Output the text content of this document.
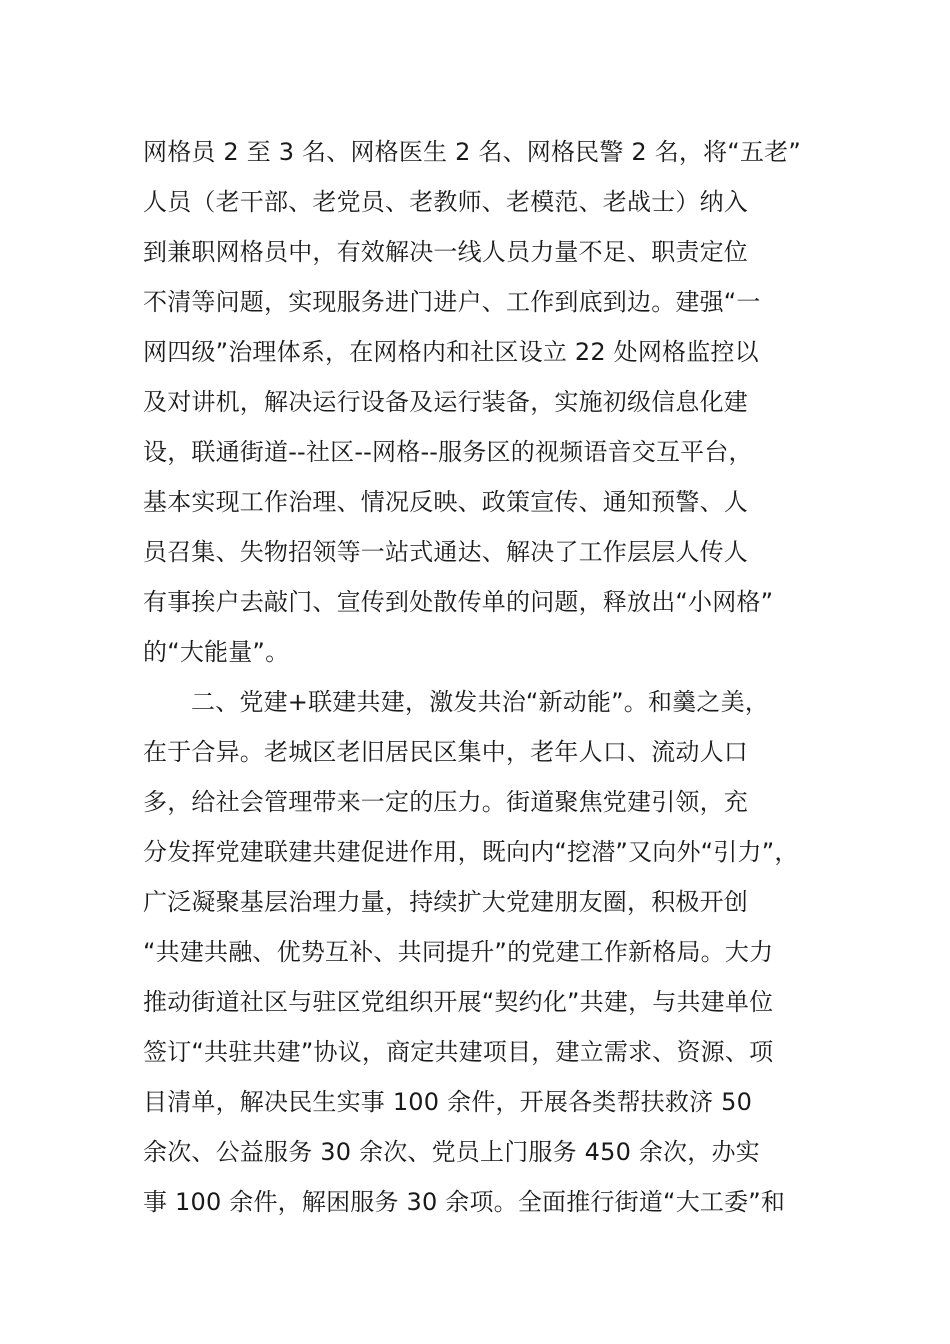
网格员 2 至 3 名、网格医生 2 名、网格民警 2 名，将“五老”
人员（老干部、老党员、老教师、老模范、老战士）纳入
到兼职网格员中，有效解决一线人员力量不足、职责定位
不清等问题，实现服务进门进户、工作到底到边。建强“一
网四级”治理体系，在网格内和社区设立 22 处网格监控以
及对讲机，解决运行设备及运行装备，实施初级信息化建
设，联通街道--社区--网格--服务区的视频语音交互平台，
基本实现工作治理、情况反映、政策宣传、通知预警、人
员召集、失物招领等一站式通达、解决了工作层层人传人
有事挨户去敲门、宣传到处散传单的问题，释放出“小网格”
的“大能量”。
二、党建+联建共建，激发共治“新动能”。和羹之美，
在于合异。老城区老旧居民区集中，老年人口、流动人口
多，给社会管理带来一定的压力。街道聚焦党建引领，充
分发挥党建联建共建促进作用，既向内“挖潜”又向外“引力”，
广泛凝聚基层治理力量，持续扩大党建朋友圈，积极开创
“共建共融、优势互补、共同提升”的党建工作新格局。大力
推动街道社区与驻区党组织开展“契约化”共建，与共建单位
签订“共驻共建”协议，商定共建项目，建立需求、资源、项
目清单，解决民生实事 100 余件，开展各类帮扶救济 50
余次、公益服务 30 余次、党员上门服务 450 余次，办实
事 100 余件，解困服务 30 余项。全面推行街道“大工委”和
